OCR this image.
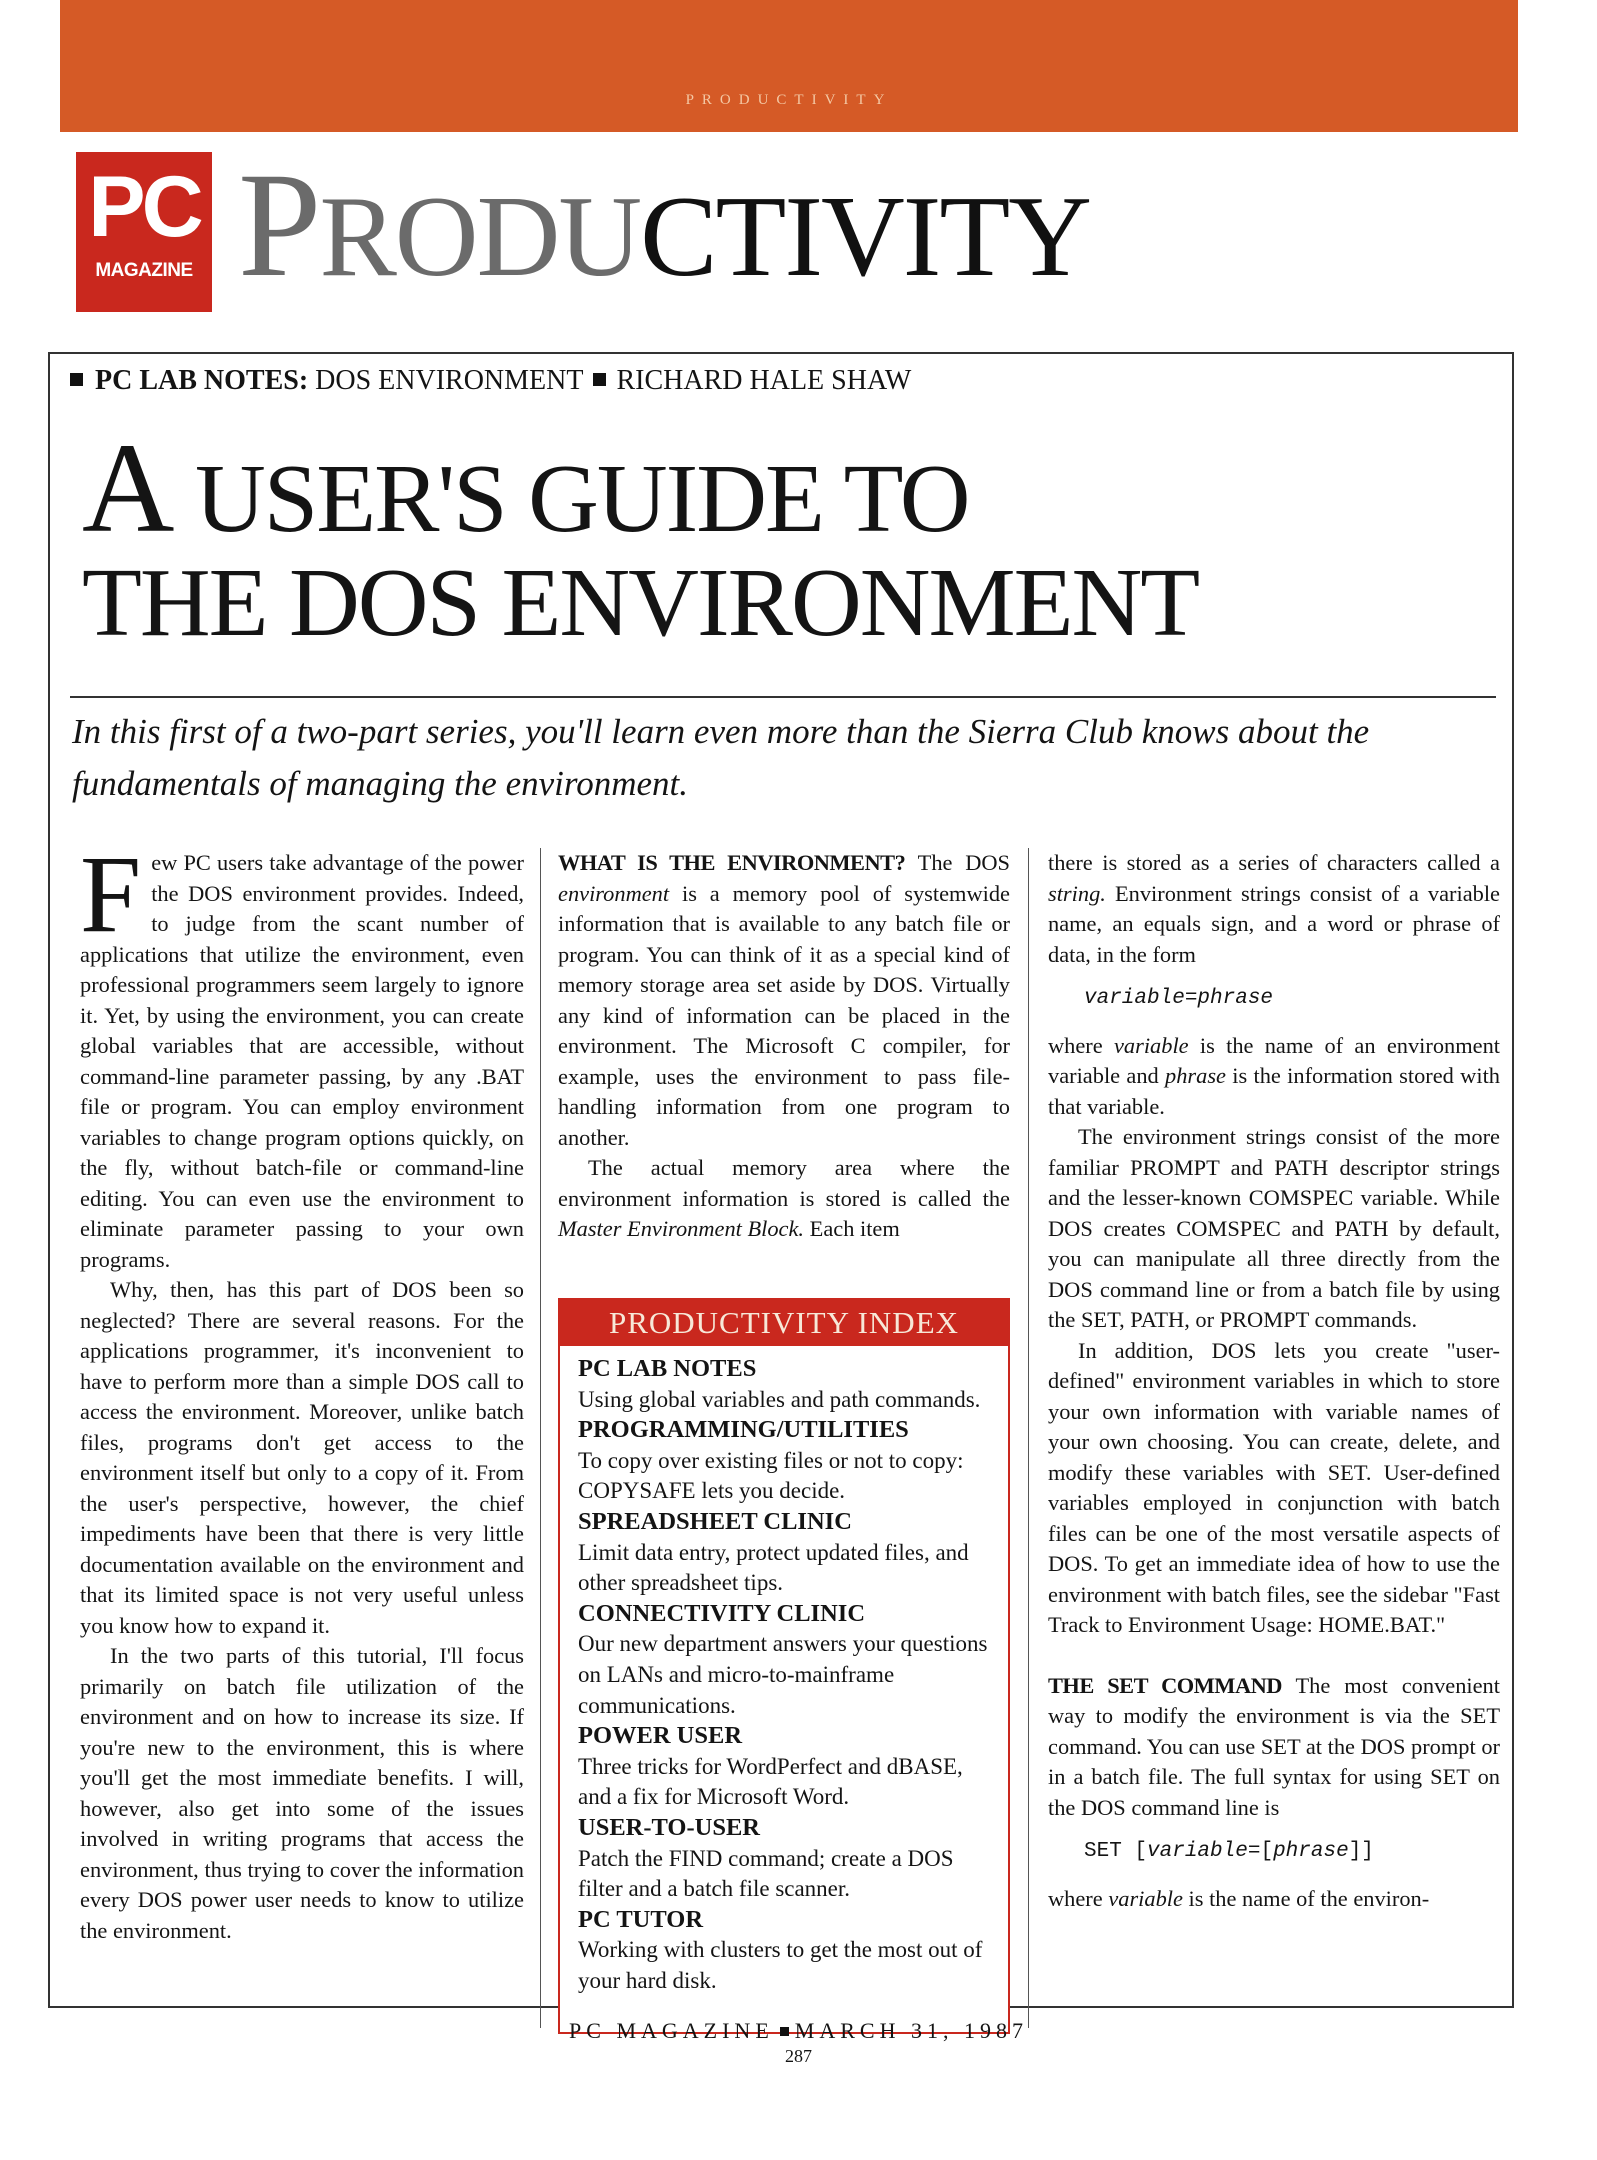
PRODUCTIVITY
PC
MAGAZINE PRODUCTIVITY
PC LAB NOTES: DOS ENVIRONMENT RICHARD HALE SHAW
A USER'S GUIDE TO
THE DOS ENVIRONMENT

In this first of a two-part series, you'll learn even more than the Sierra Club knows about the fundamentals of managing the environment.

Few PC users take advantage of the power the DOS environment provides. Indeed, to judge from the scant number of applications that utilize the environment, even professional programmers seem largely to ignore it. Yet, by using the environment, you can create global variables that are accessible, without command-line parameter passing, by any .BAT file or program. You can employ environment variables to change program options quickly, on the fly, without batch-file or command-line editing. You can even use the environment to eliminate parameter passing to your own programs.

Why, then, has this part of DOS been so neglected? There are several reasons. For the applications programmer, it's inconvenient to have to perform more than a simple DOS call to access the environment. Moreover, unlike batch files, programs don't get access to the environment itself but only to a copy of it. From the user's perspective, however, the chief impediments have been that there is very little documentation available on the environment and that its limited space is not very useful unless you know how to expand it.

In the two parts of this tutorial, I'll focus primarily on batch file utilization of the environment and on how to increase its size. If you're new to the environment, this is where you'll get the most immediate benefits. I will, however, also get into some of the issues involved in writing programs that access the environment, thus trying to cover the information every DOS power user needs to know to utilize the environment.

WHAT IS THE ENVIRONMENT? The DOS environment is a memory pool of systemwide information that is available to any batch file or program. You can think of it as a special kind of memory storage area set aside by DOS. Virtually any kind of information can be placed in the environment. The Microsoft C compiler, for example, uses the environment to pass file-handling information from one program to another.

The actual memory area where the environment information is stored is called the Master Environment Block. Each item

PRODUCTIVITY INDEX

PC LAB NOTES

Using global variables and path commands.

PROGRAMMING/UTILITIES

To copy over existing files or not to copy: COPYSAFE lets you decide.

SPREADSHEET CLINIC

Limit data entry, protect updated files, and other spreadsheet tips.

CONNECTIVITY CLINIC

Our new department answers your questions on LANs and micro-to-mainframe communications.

POWER USER

Three tricks for WordPerfect and dBASE, and a fix for Microsoft Word.

USER-TO-USER

Patch the FIND command; create a DOS filter and a batch file scanner.

PC TUTOR

Working with clusters to get the most out of your hard disk.

there is stored as a series of characters called a string. Environment strings consist of a variable name, an equals sign, and a word or phrase of data, in the form

variable=phrase

where variable is the name of an environment variable and phrase is the information stored with that variable.

The environment strings consist of the more familiar PROMPT and PATH descriptor strings and the lesser-known COMSPEC variable. While DOS creates COMSPEC and PATH by default, you can manipulate all three directly from the DOS command line or from a batch file by using the SET, PATH, or PROMPT commands.

In addition, DOS lets you create "user-defined" environment variables in which to store your own information with variable names of your own choosing. You can create, delete, and modify these variables with SET. User-defined variables employed in conjunction with batch files can be one of the most versatile aspects of DOS. To get an immediate idea of how to use the environment with batch files, see the sidebar "Fast Track to Environment Usage: HOME.BAT."

THE SET COMMAND The most convenient way to modify the environment is via the SET command. You can use SET at the DOS prompt or in a batch file. The full syntax for using SET on the DOS command line is

SET [variable=[phrase]]

where variable is the name of the environ-

PC MAGAZINE MARCH 31, 1987
287
